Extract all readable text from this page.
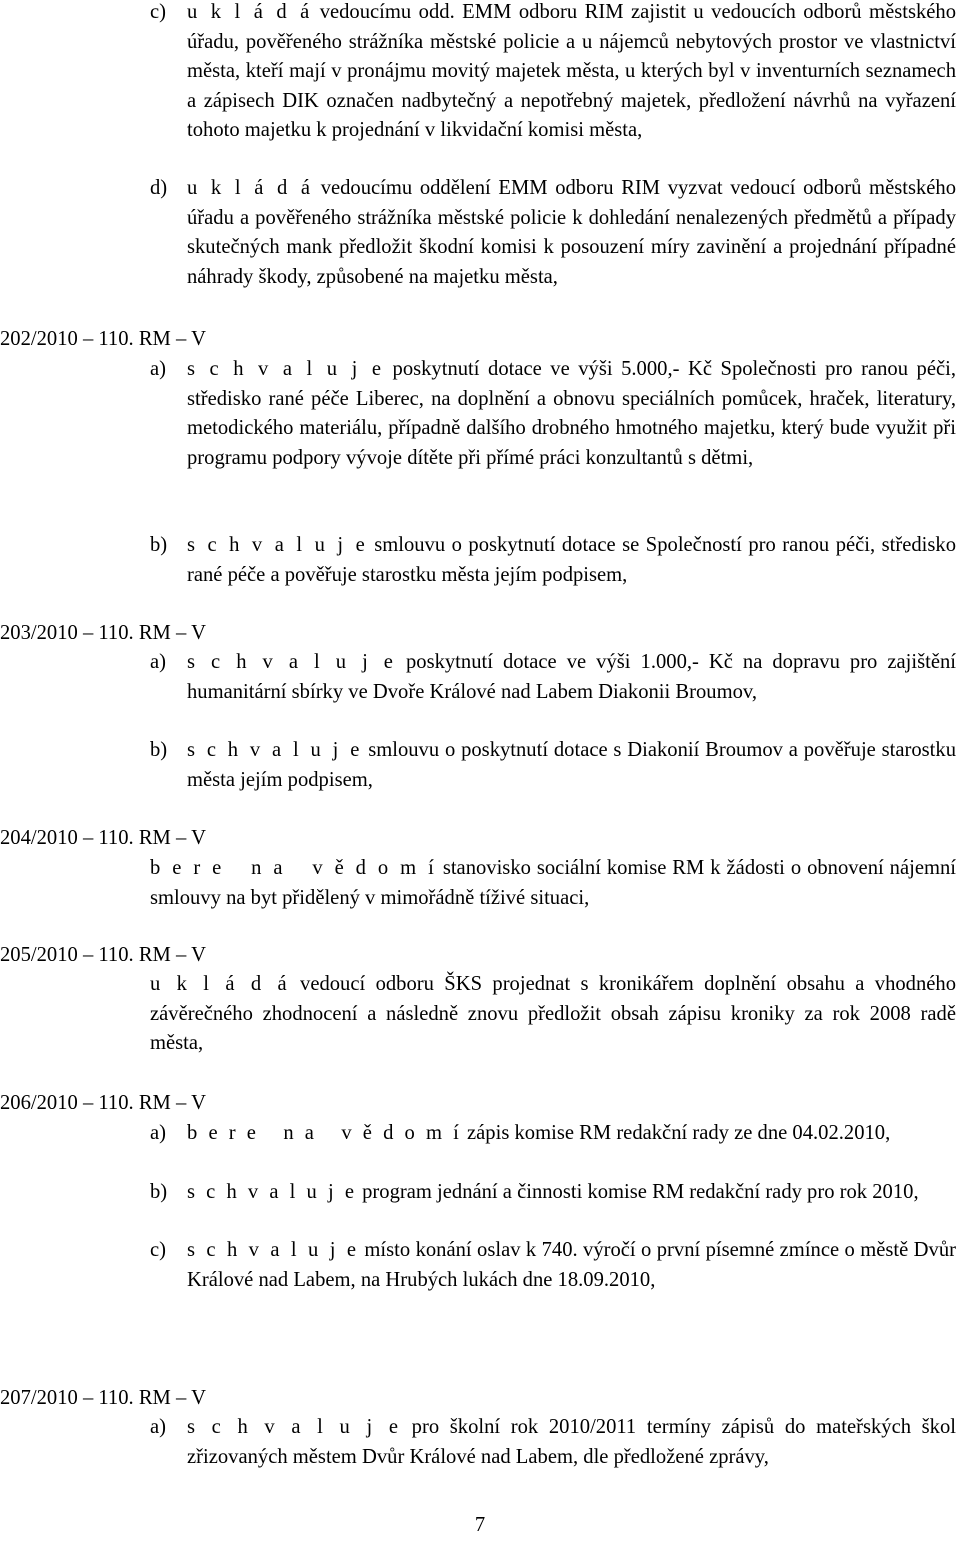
c) u k l á d á vedoucímu odd. EMM odboru RIM zajistit u vedoucích odborů městského úřadu, pověřeného strážníka městské policie a u nájemců nebytových prostor ve vlastnictví města, kteří mají v pronájmu movitý majetek města, u kterých byl v inventurních seznamech a zápisech DIK označen nadbytečný a nepotřebný majetek, předložení návrhů na vyřazení tohoto majetku k projednání v likvidační komisi města,
d) u k l á d á vedoucímu oddělení EMM odboru RIM vyzvat vedoucí odborů městského úřadu a pověřeného strážníka městské policie k dohledání nenalezených předmětů a případy skutečných mank předložit škodní komisi k posouzení míry zavinění a projednání případné náhrady škody, způsobené na majetku města,
202/2010 – 110. RM – V
a) s c h v a l u j e poskytnutí dotace ve výši 5.000,- Kč Společnosti pro ranou péči, středisko rané péče Liberec, na doplnění a obnovu speciálních pomůcek, hraček, literatury, metodického materiálu, případně dalšího drobného hmotného majetku, který bude využit při programu podpory vývoje dítěte při přímé práci konzultantů s dětmi,
b) s c h v a l u j e smlouvu o poskytnutí dotace se Společností pro ranou péči, středisko rané péče a pověřuje starostku města jejím podpisem,
203/2010 – 110. RM – V
a) s c h v a l u j e poskytnutí dotace ve výši 1.000,- Kč na dopravu pro zajištění humanitární sbírky ve Dvoře Králové nad Labem Diakonii Broumov,
b) s c h v a l u j e smlouvu o poskytnutí dotace s Diakonií Broumov a pověřuje starostku města jejím podpisem,
204/2010 – 110. RM – V
b e r e   n a   v ě d o m í stanovisko sociální komise RM k žádosti o obnovení nájemní smlouvy na byt přidělený v mimořádně tíživé situaci,
205/2010 – 110. RM – V
u k l á d á vedoucí odboru ŠKS projednat s kronikářem doplnění obsahu a vhodného závěrečného zhodnocení a následně znovu předložit obsah zápisu kroniky za rok 2008 radě města,
206/2010 – 110. RM – V
a) b e r e   n a   v ě d o m í zápis komise RM redakční rady ze dne 04.02.2010,
b) s c h v a l u j e program jednání a činnosti komise RM redakční rady pro rok 2010,
c) s c h v a l u j e místo konání oslav k 740. výročí o první písemné zmínce o městě Dvůr Králové nad Labem, na Hrubých lukách dne 18.09.2010,
207/2010 – 110. RM – V
a) s c h v a l u j e pro školní rok 2010/2011 termíny zápisů do mateřských škol zřizovaných městem Dvůr Králové nad Labem, dle předložené zprávy,
7
